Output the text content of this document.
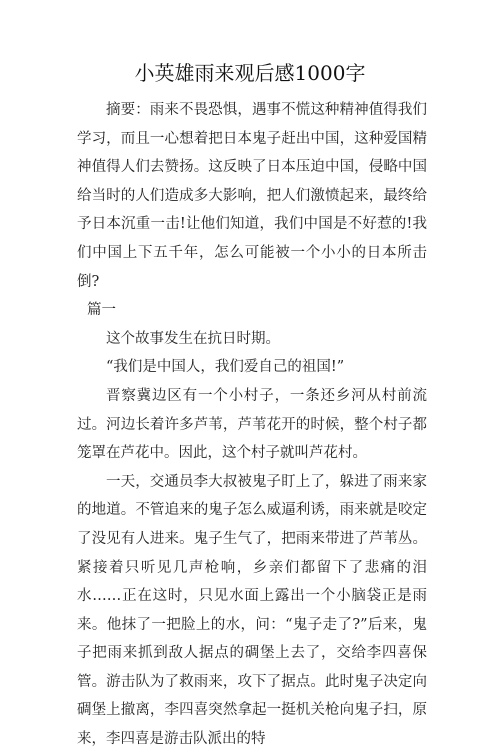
小英雄雨来观后感1000字

摘要：雨来不畏恐惧，遇事不慌这种精神值得我们学习，而且一心想着把日本鬼子赶出中国，这种爱国精神值得人们去赞扬。这反映了日本压迫中国，侵略中国给当时的人们造成多大影响，把人们激愤起来，最终给予日本沉重一击!让他们知道，我们中国是不好惹的!我们中国上下五千年，怎么可能被一个小小的日本所击倒?

篇一

这个故事发生在抗日时期。

“我们是中国人，我们爱自己的祖国!”

晋察冀边区有一个小村子，一条还乡河从村前流过。河边长着许多芦苇，芦苇花开的时候，整个村子都笼罩在芦花中。因此，这个村子就叫芦花村。

一天，交通员李大叔被鬼子盯上了，躲进了雨来家的地道。不管追来的鬼子怎么威逼利诱，雨来就是咬定了没见有人进来。鬼子生气了，把雨来带进了芦苇丛。紧接着只听见几声枪响，乡亲们都留下了悲痛的泪水……正在这时，只见水面上露出一个小脑袋正是雨来。他抹了一把脸上的水，问：“鬼子走了?”后来，鬼子把雨来抓到敌人据点的碉堡上去了，交给李四喜保管。游击队为了救雨来，攻下了据点。此时鬼子决定向碉堡上撤离，李四喜突然拿起一挺机关枪向鬼子扫，原来，李四喜是游击队派出的特
